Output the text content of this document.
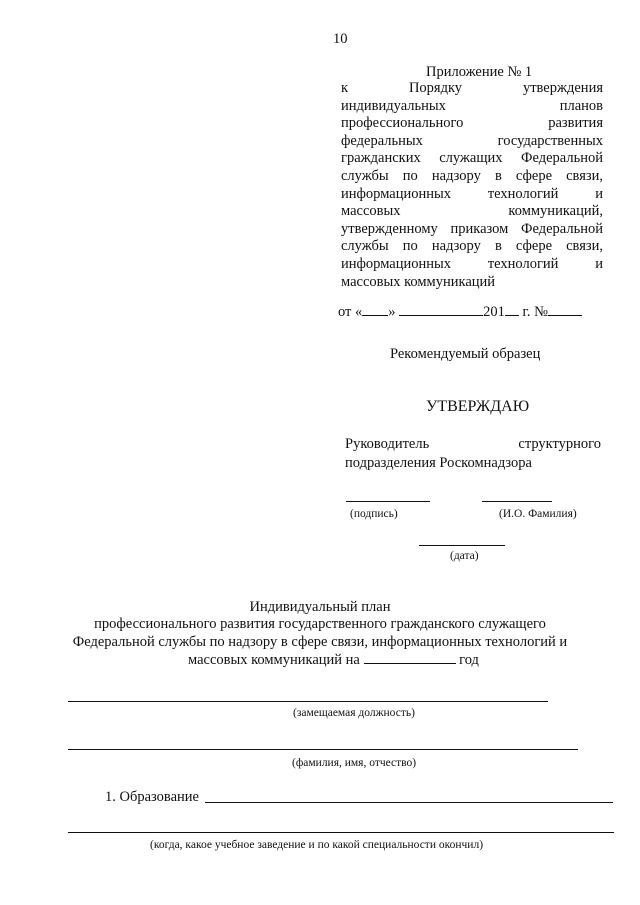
10
Приложение № 1
к	Порядку	утверждения
индивидуальных	планов
профессионального	развития
федеральных	государственных
гражданских служащих Федеральной
службы по надзору в сфере связи,
информационных	технологий	и
массовых	коммуникаций,
утвержденному приказом Федеральной
службы по надзору в сфере связи,
информационных	технологий	и
массовых коммуникаций
от « »	201 г. №
Рекомендуемый образец
УТВЕРЖДАЮ
Руководитель	структурного
подразделения Роскомнадзора
(подпись)	(И.О. Фамилия)
(дата)
Индивидуальный план
профессионального развития государственного гражданского служащего
Федеральной службы по надзору в сфере связи, информационных технологий и
массовых коммуникаций на	год
(замещаемая должность)
(фамилия, имя, отчество)
1. Образование
(когда, какое учебное заведение и по какой специальности окончил)
